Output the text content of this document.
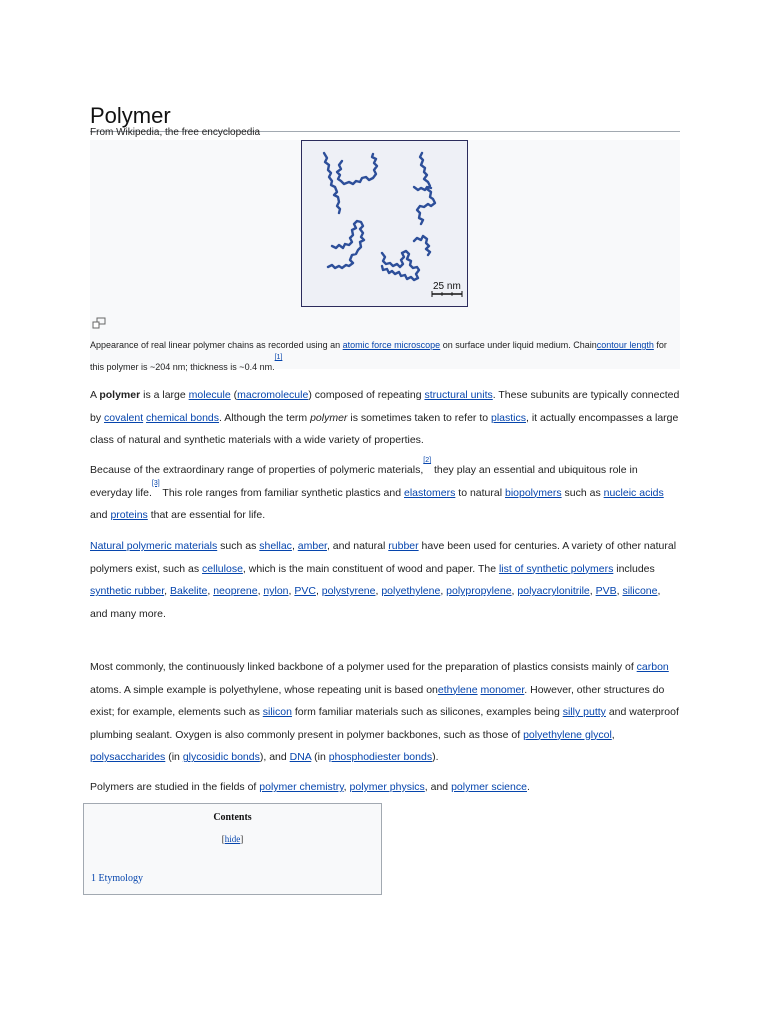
Polymer
From Wikipedia, the free encyclopedia
25 nm
Appearance of real linear polymer chains as recorded using an atomic force microscope on surface under liquid medium. Chaincontour length for this polymer is ~204 nm; thickness is ~0.4 nm.[1]

A polymer is a large molecule (macromolecule) composed of repeating structural units. These subunits are typically connected by covalent chemical bonds. Although the term polymer is sometimes taken to refer to plastics, it actually encompasses a large class of natural and synthetic materials with a wide variety of properties.

Because of the extraordinary range of properties of polymeric materials,[2] they play an essential and ubiquitous role in everyday life.[3] This role ranges from familiar synthetic plastics and elastomers to natural biopolymers such as nucleic acids and proteins that are essential for life.

Natural polymeric materials such as shellac, amber, and natural rubber have been used for centuries. A variety of other natural polymers exist, such as cellulose, which is the main constituent of wood and paper. The list of synthetic polymers includes synthetic rubber, Bakelite, neoprene, nylon, PVC, polystyrene, polyethylene, polypropylene, polyacrylonitrile, PVB, silicone, and many more.

Most commonly, the continuously linked backbone of a polymer used for the preparation of plastics consists mainly of carbon atoms. A simple example is polyethylene, whose repeating unit is based onethylene monomer. However, other structures do exist; for example, elements such as silicon form familiar materials such as silicones, examples being silly putty and waterproof plumbing sealant. Oxygen is also commonly present in polymer backbones, such as those of polyethylene glycol, polysaccharides (in glycosidic bonds), and DNA (in phosphodiester bonds).

Polymers are studied in the fields of polymer chemistry, polymer physics, and polymer science.

Contents
[hide]
1 Etymology
